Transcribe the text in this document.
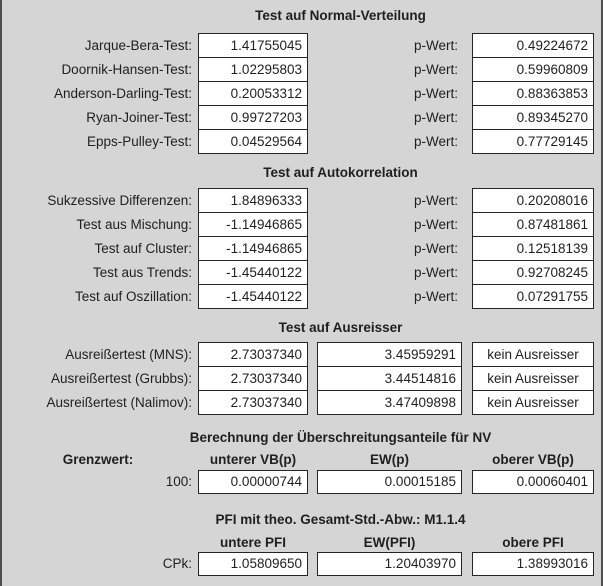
Test auf Normal-Verteilung
Jarque-Bera-Test:	1.41755045	p-Wert:	0.49224672
Doornik-Hansen-Test:	1.02295803	p-Wert:	0.59960809
Anderson-Darling-Test:	0.20053312	p-Wert:	0.88363853
Ryan-Joiner-Test:	0.99727203	p-Wert:	0.89345270
Epps-Pulley-Test:	0.04529564	p-Wert:	0.77729145
Test auf Autokorrelation
Sukzessive Differenzen:	1.84896333	p-Wert:	0.20208016
Test aus Mischung:	-1.14946865	p-Wert:	0.87481861
Test auf Cluster:	-1.14946865	p-Wert:	0.12518139
Test aus Trends:	-1.45440122	p-Wert:	0.92708245
Test auf Oszillation:	-1.45440122	p-Wert:	0.07291755
Test auf Ausreisser
Ausreißertest (MNS):	2.73037340	3.45959291	kein Ausreisser
Ausreißertest (Grubbs):	2.73037340	3.44514816	kein Ausreisser
Ausreißertest (Nalimov):	2.73037340	3.47409898	kein Ausreisser
Berechnung der Überschreitungsanteile für NV
Grenzwert:	unterer VB(p)	EW(p)	oberer VB(p)
100:	0.00000744	0.00015185	0.00060401
PFI mit theo. Gesamt-Std.-Abw.: M1.1.4
untere PFI	EW(PFI)	obere PFI
CPk:	1.05809650	1.20403970	1.38993016
